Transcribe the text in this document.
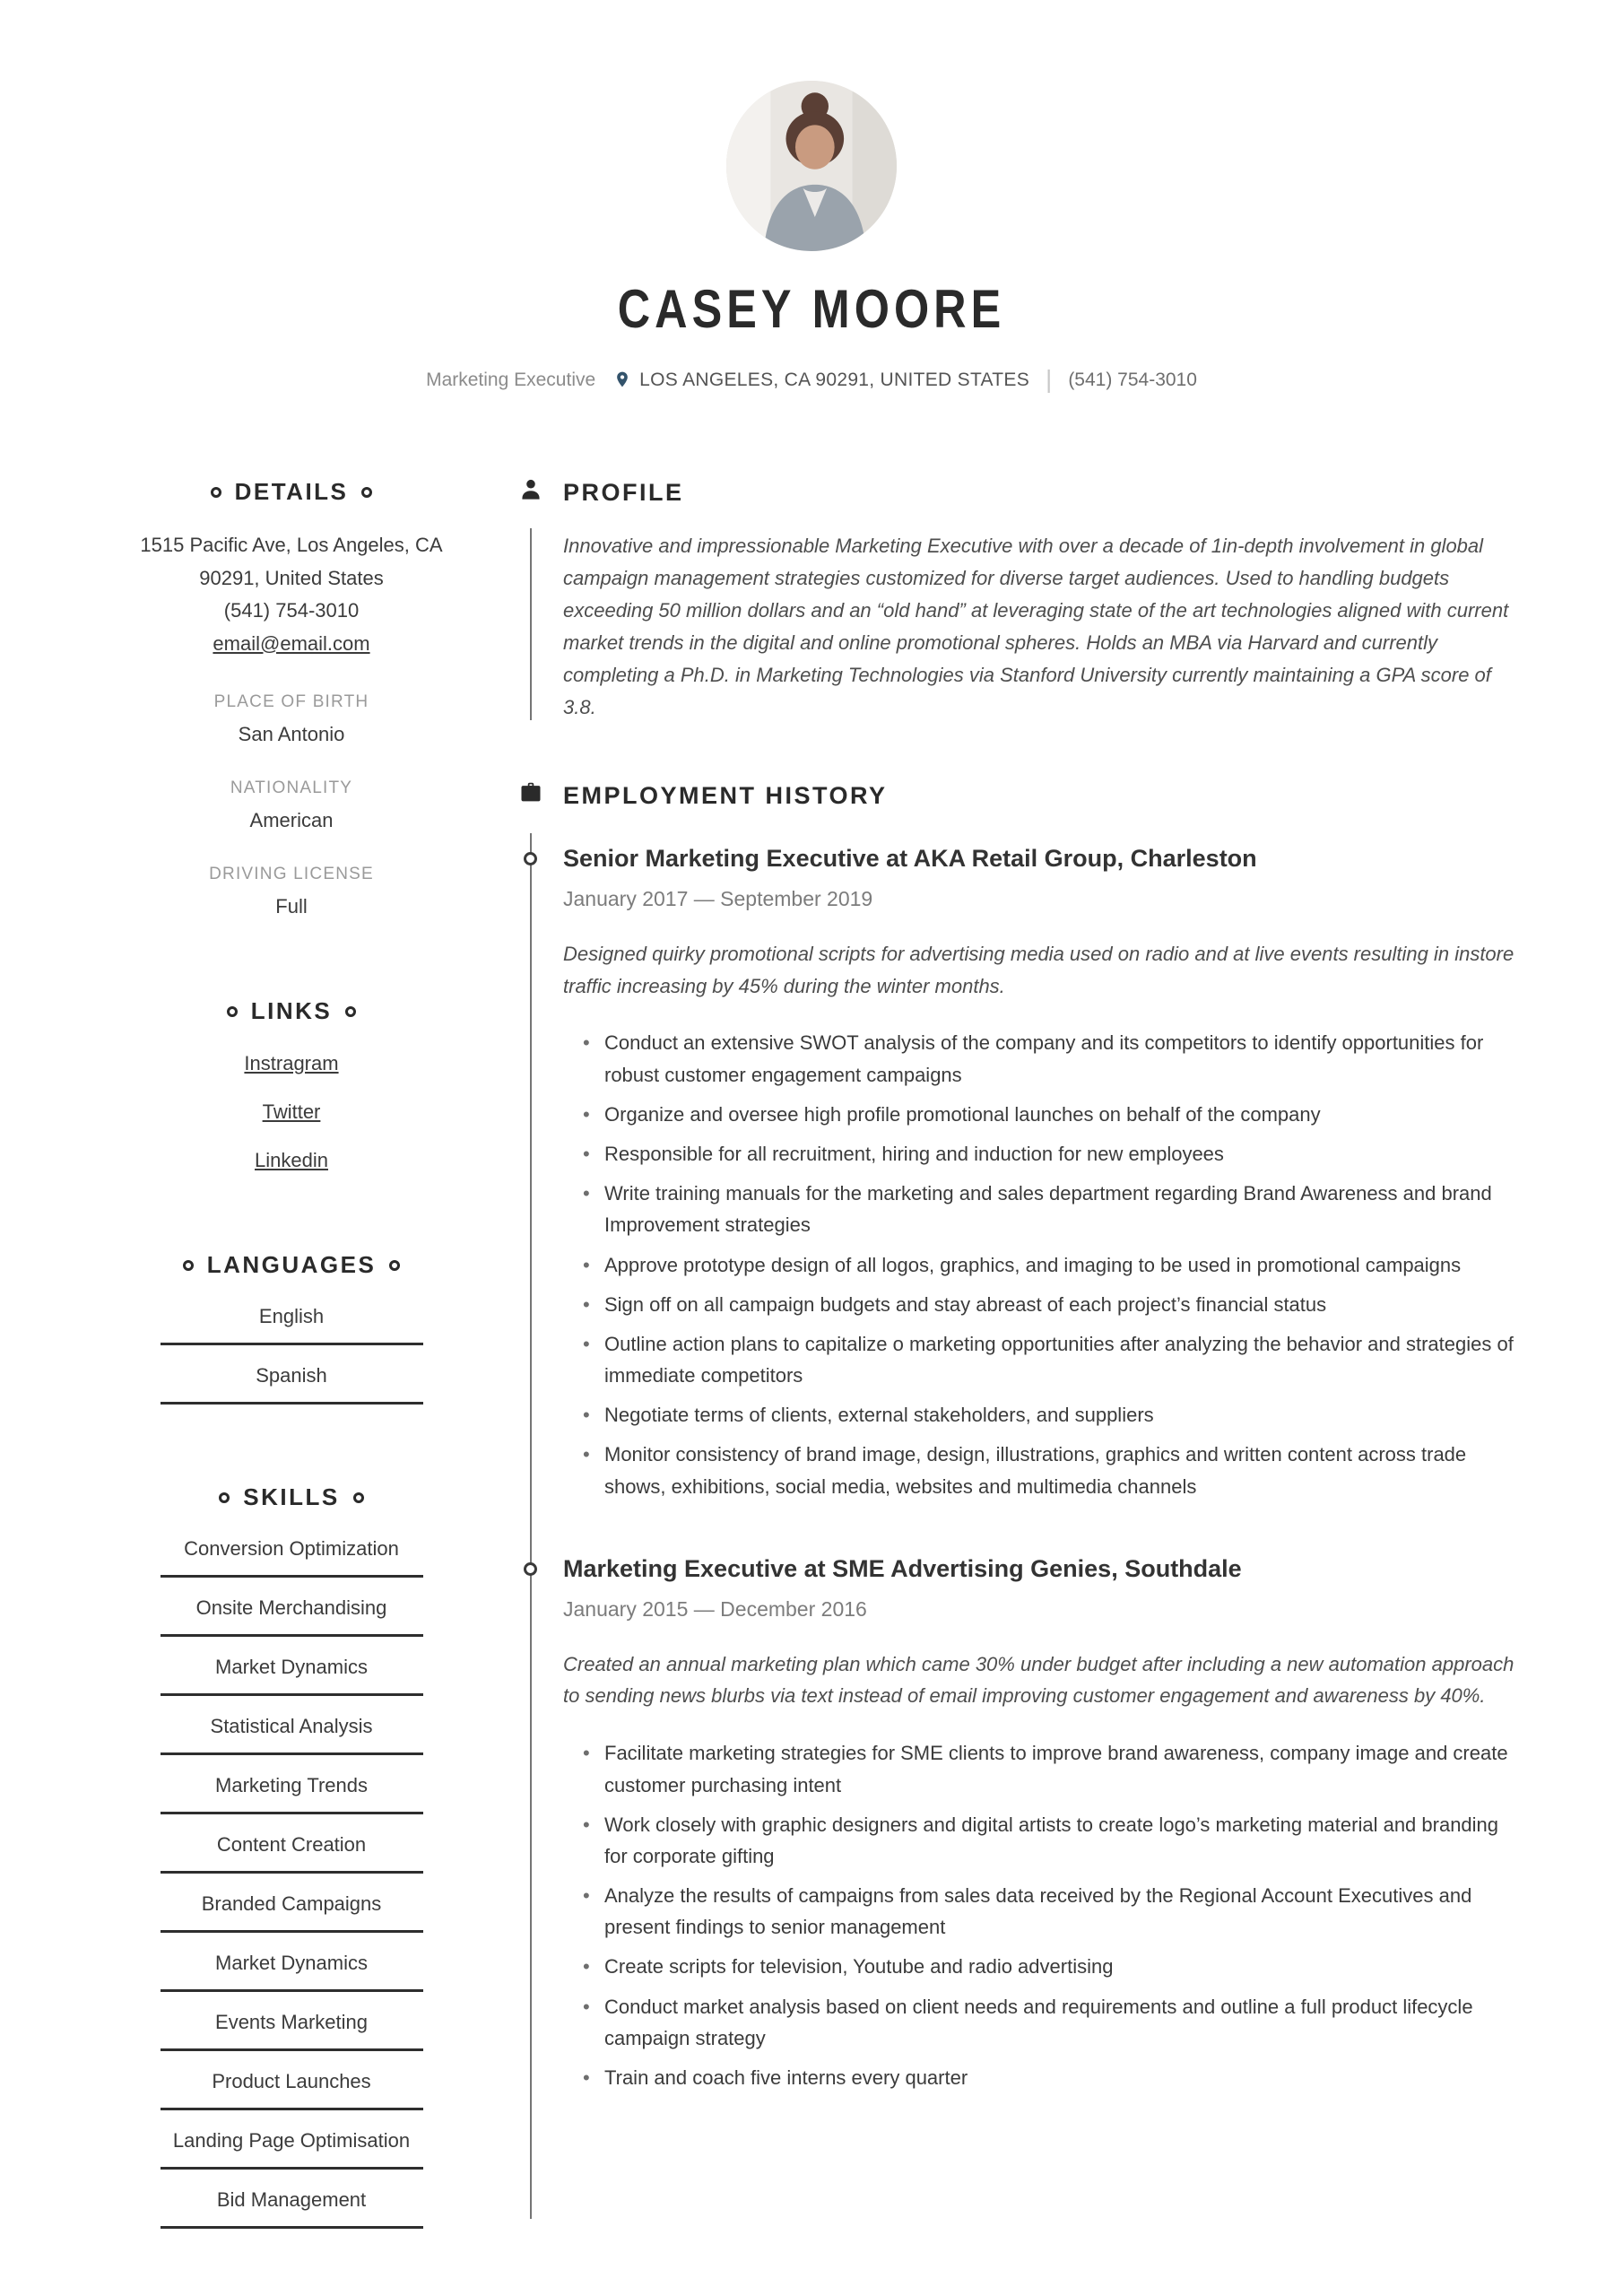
CASEY MOORE
Marketing Executive LOS ANGELES, CA 90291, UNITED STATES | (541) 754-3010
DETAILS
1515 Pacific Ave, Los Angeles, CA
90291, United States
(541) 754-3010
email@email.com
PLACE OF BIRTH
San Antonio
NATIONALITY
American
DRIVING LICENSE
Full
LINKS
Instragram
Twitter
Linkedin
LANGUAGES
English
Spanish
SKILLS
Conversion Optimization
Onsite Merchandising
Market Dynamics
Statistical Analysis
Marketing Trends
Content Creation
Branded Campaigns
Market Dynamics
Events Marketing
Product Launches
Landing Page Optimisation
Bid Management
PROFILE

Innovative and impressionable Marketing Executive with over a decade of 1in-depth involvement in global campaign management strategies customized for diverse target audiences. Used to handling budgets exceeding 50 million dollars and an “old hand” at leveraging state of the art technologies aligned with current market trends in the digital and online promotional spheres. Holds an MBA via Harvard and currently completing a Ph.D. in Marketing Technologies via Stanford University currently maintaining a GPA score of 3.8.

EMPLOYMENT HISTORY
Senior Marketing Executive at AKA Retail Group, Charleston
January 2017 — September 2019

Designed quirky promotional scripts for advertising media used on radio and at live events resulting in instore traffic increasing by 45% during the winter months.

• Conduct an extensive SWOT analysis of the company and its competitors to identify opportunities for robust customer engagement campaigns
• Organize and oversee high profile promotional launches on behalf of the company
• Responsible for all recruitment, hiring and induction for new employees
• Write training manuals for the marketing and sales department regarding Brand Awareness and brand Improvement strategies
• Approve prototype design of all logos, graphics, and imaging to be used in promotional campaigns
• Sign off on all campaign budgets and stay abreast of each project’s financial status
• Outline action plans to capitalize o marketing opportunities after analyzing the behavior and strategies of immediate competitors
• Negotiate terms of clients, external stakeholders, and suppliers
• Monitor consistency of brand image, design, illustrations, graphics and written content across trade shows, exhibitions, social media, websites and multimedia channels
Marketing Executive at SME Advertising Genies, Southdale
January 2015 — December 2016

Created an annual marketing plan which came 30% under budget after including a new automation approach to sending news blurbs via text instead of email improving customer engagement and awareness by 40%.

• Facilitate marketing strategies for SME clients to improve brand awareness, company image and create customer purchasing intent
• Work closely with graphic designers and digital artists to create logo’s marketing material and branding for corporate gifting
• Analyze the results of campaigns from sales data received by the Regional Account Executives and present findings to senior management
• Create scripts for television, Youtube and radio advertising
• Conduct market analysis based on client needs and requirements and outline a full product lifecycle campaign strategy
• Train and coach five interns every quarter
